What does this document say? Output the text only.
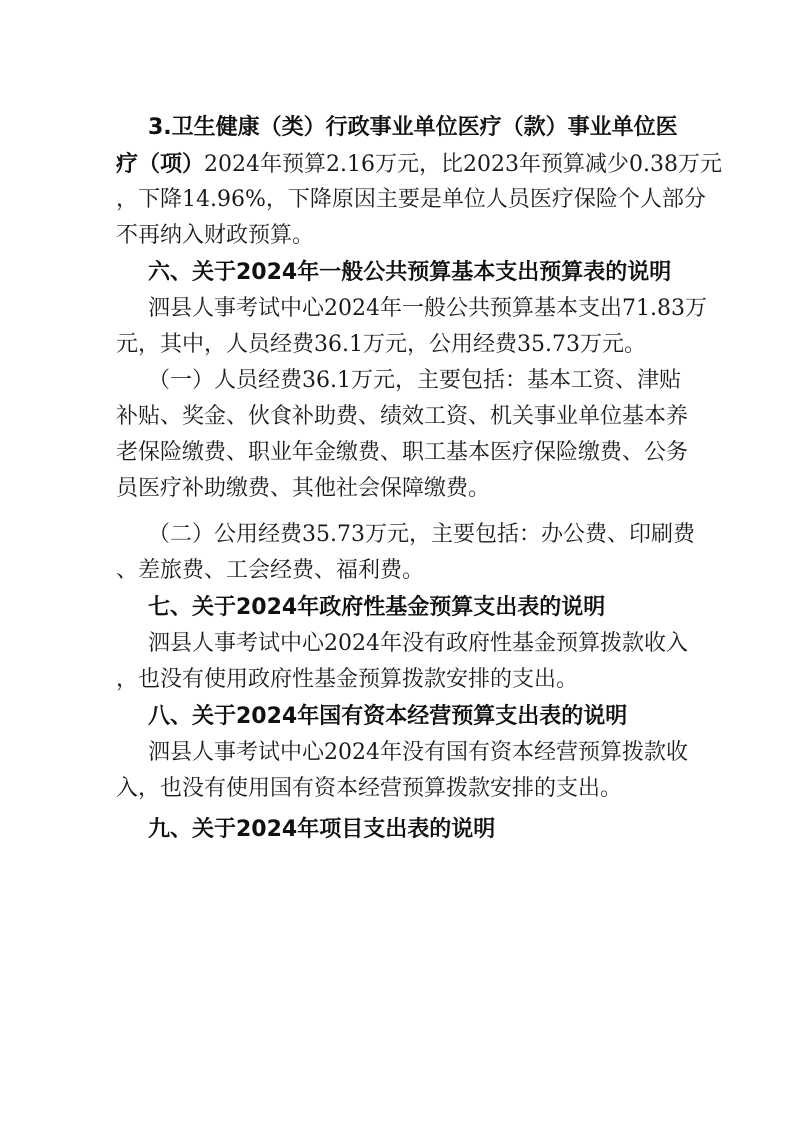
3.卫生健康（类）行政事业单位医疗（款）事业单位医
疗（项）2024年预算2.16万元，比2023年预算减少0.38万元
，下降14.96%，下降原因主要是单位人员医疗保险个人部分
不再纳入财政预算。
六、关于2024年一般公共预算基本支出预算表的说明
泗县人事考试中心2024年一般公共预算基本支出71.83万
元，其中，人员经费36.1万元，公用经费35.73万元。
（一）人员经费36.1万元，主要包括：基本工资、津贴
补贴、奖金、伙食补助费、绩效工资、机关事业单位基本养
老保险缴费、职业年金缴费、职工基本医疗保险缴费、公务
员医疗补助缴费、其他社会保障缴费。
（二）公用经费35.73万元，主要包括：办公费、印刷费
、差旅费、工会经费、福利费。
七、关于2024年政府性基金预算支出表的说明
泗县人事考试中心2024年没有政府性基金预算拨款收入
，也没有使用政府性基金预算拨款安排的支出。
八、关于2024年国有资本经营预算支出表的说明
泗县人事考试中心2024年没有国有资本经营预算拨款收
入，也没有使用国有资本经营预算拨款安排的支出。
九、关于2024年项目支出表的说明
